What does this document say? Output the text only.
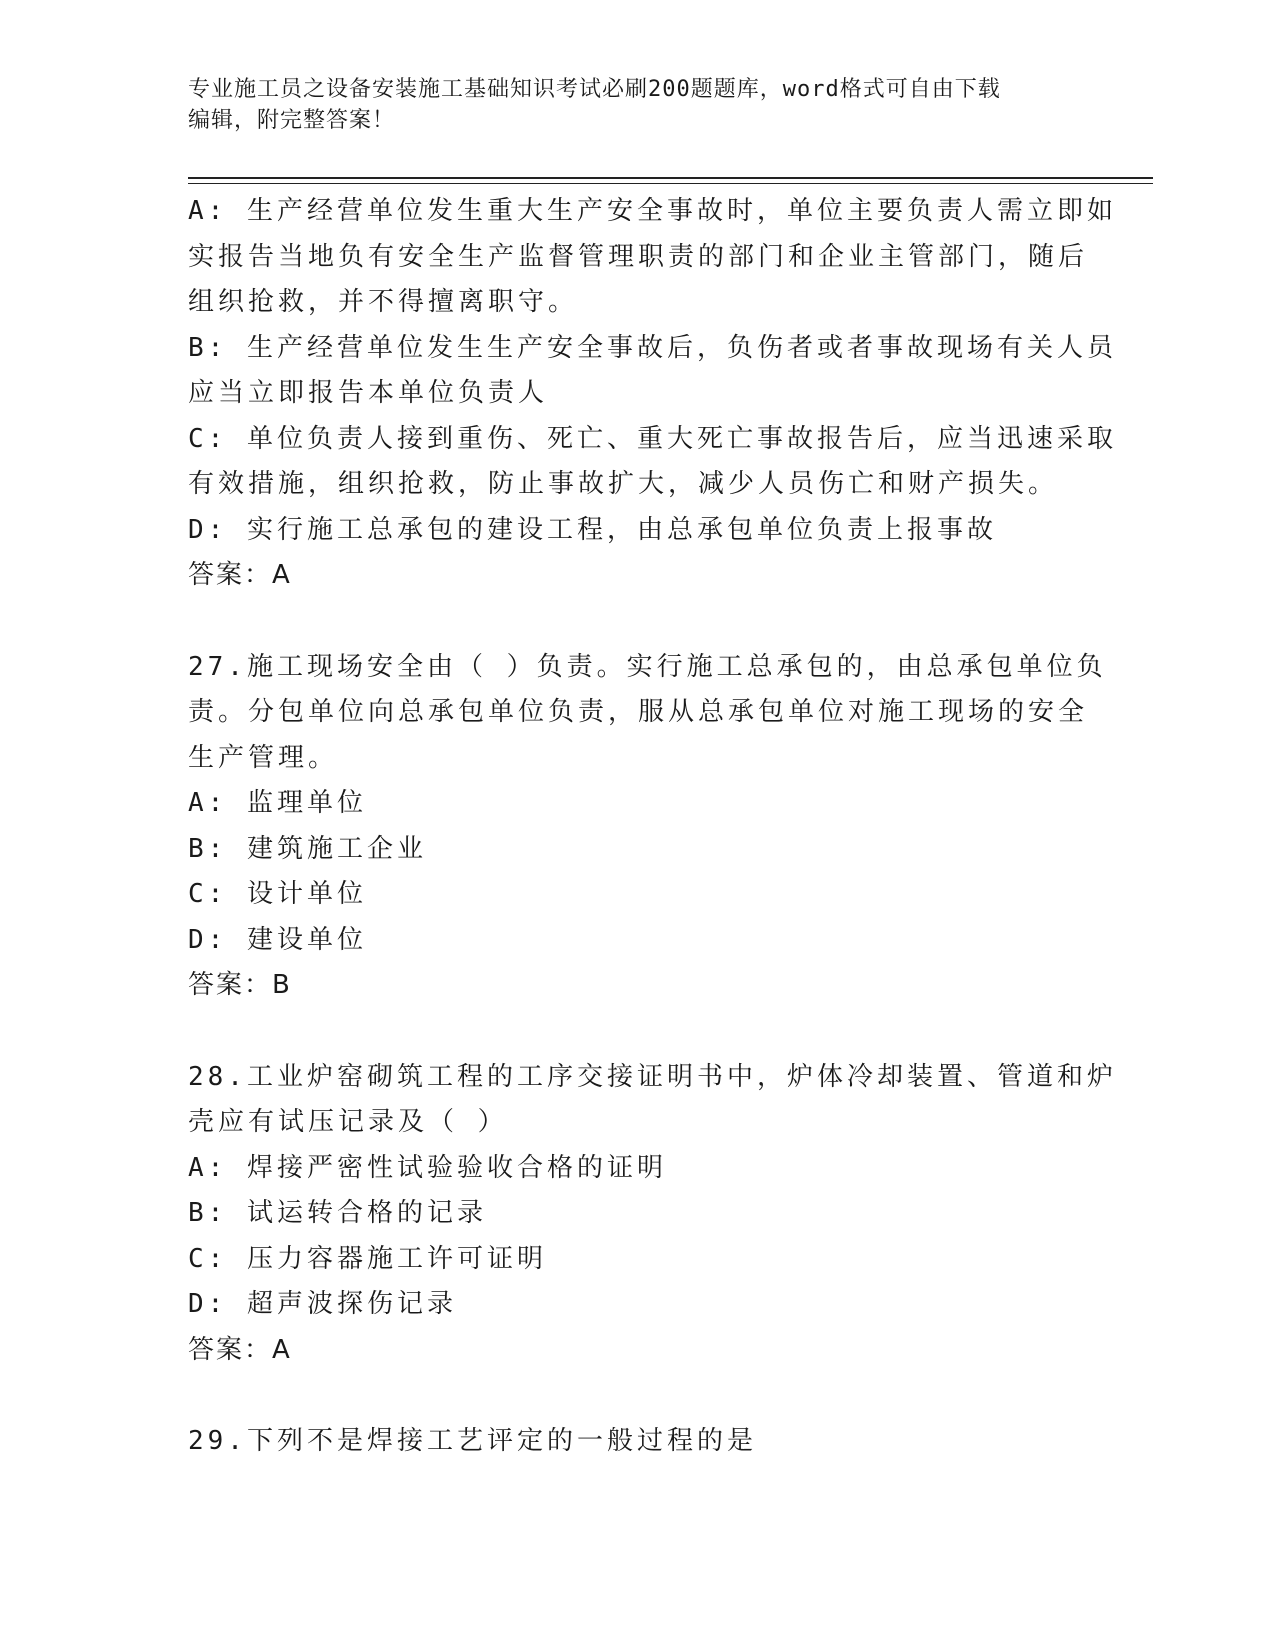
专业施工员之设备安装施工基础知识考试必刷200题题库，word格式可自由下载
编辑，附完整答案！
A: 生产经营单位发生重大生产安全事故时，单位主要负责人需立即如
实报告当地负有安全生产监督管理职责的部门和企业主管部门，随后
组织抢救，并不得擅离职守。
B: 生产经营单位发生生产安全事故后，负伤者或者事故现场有关人员
应当立即报告本单位负责人
C: 单位负责人接到重伤、死亡、重大死亡事故报告后，应当迅速采取
有效措施，组织抢救，防止事故扩大，减少人员伤亡和财产损失。
D: 实行施工总承包的建设工程，由总承包单位负责上报事故
答案：A
27.施工现场安全由（ ）负责。实行施工总承包的，由总承包单位负
责。分包单位向总承包单位负责，服从总承包单位对施工现场的安全
生产管理。
A: 监理单位
B: 建筑施工企业
C: 设计单位
D: 建设单位
答案：B
28.工业炉窑砌筑工程的工序交接证明书中，炉体冷却装置、管道和炉
壳应有试压记录及（ ）
A: 焊接严密性试验验收合格的证明
B: 试运转合格的记录
C: 压力容器施工许可证明
D: 超声波探伤记录
答案：A
29.下列不是焊接工艺评定的一般过程的是
